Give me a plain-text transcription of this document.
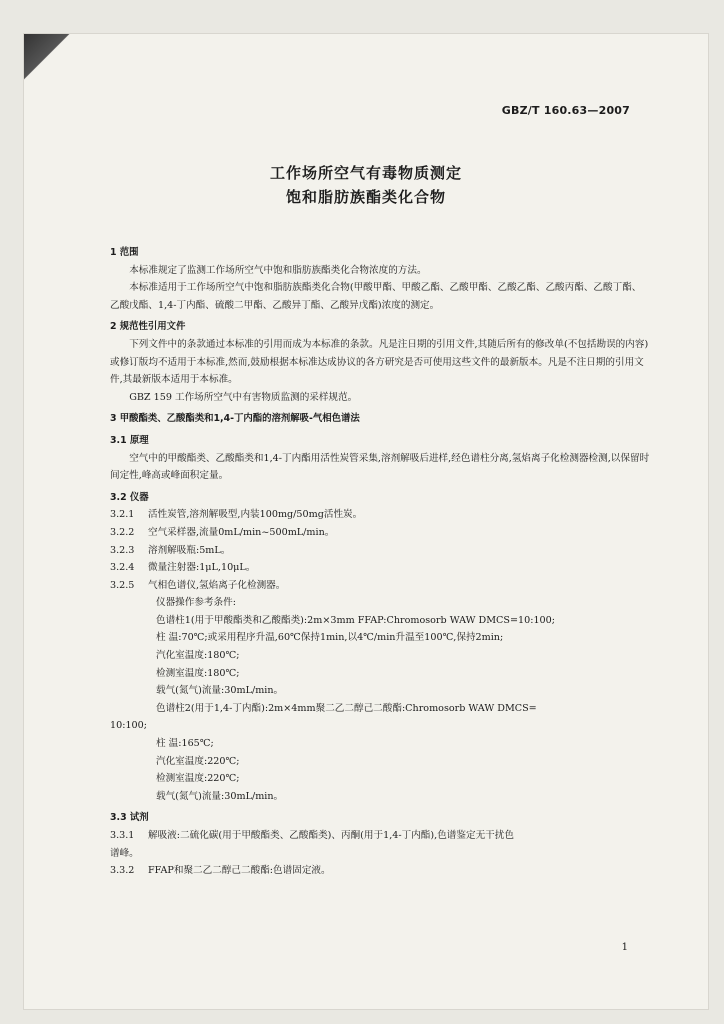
GBZ/T 160.63—2007
工作场所空气有毒物质测定
饱和脂肪族酯类化合物
1 范围
本标准规定了监测工作场所空气中饱和脂肪族酯类化合物浓度的方法。
本标准适用于工作场所空气中饱和脂肪族酯类化合物(甲酸甲酯、甲酸乙酯、乙酸甲酯、乙酸乙酯、乙酸丙酯、乙酸丁酯、乙酸戊酯、1,4-丁内酯、硫酸二甲酯、乙酸异丁酯、乙酸异戊酯)浓度的测定。
2 规范性引用文件
下列文件中的条款通过本标准的引用而成为本标准的条款。凡是注日期的引用文件,其随后所有的修改单(不包括勘误的内容)或修订版均不适用于本标准,然而,鼓励根据本标准达成协议的各方研究是否可使用这些文件的最新版本。凡是不注日期的引用文件,其最新版本适用于本标准。
GBZ 159 工作场所空气中有害物质监测的采样规范。
3 甲酸酯类、乙酸酯类和1,4-丁内酯的溶剂解吸-气相色谱法
3.1 原理
空气中的甲酸酯类、乙酸酯类和1,4-丁内酯用活性炭管采集,溶剂解吸后进样,经色谱柱分离,氢焰离子化检测器检测,以保留时间定性,峰高或峰面积定量。
3.2 仪器
3.2.1	活性炭管,溶剂解吸型,内装100mg/50mg活性炭。
3.2.2	空气采样器,流量0mL/min~500mL/min。
3.2.3	溶剂解吸瓶:5mL。
3.2.4	微量注射器:1μL,10μL。
3.2.5	气相色谱仪,氢焰离子化检测器。
仪器操作参考条件:
色谱柱1(用于甲酸酯类和乙酸酯类):2m×3mm FFAP:Chromosorb WAW DMCS=10:100;
柱 温:70℃;或采用程序升温,60℃保持1min,以4℃/min升温至100℃,保持2min;
汽化室温度:180℃;
检测室温度:180℃;
载气(氮气)流量:30mL/min。
色谱柱2(用于1,4-丁内酯):2m×4mm聚二乙二醇己二酸酯:Chromosorb WAW DMCS=
10:100;
柱 温:165℃;
汽化室温度:220℃;
检测室温度:220℃;
载气(氮气)流量:30mL/min。
3.3 试剂
3.3.1	解吸液:二硫化碳(用于甲酸酯类、乙酸酯类)、丙酮(用于1,4-丁内酯),色谱鉴定无干扰色
谱峰。
3.3.2	FFAP和聚二乙二醇己二酸酯:色谱固定液。
1
